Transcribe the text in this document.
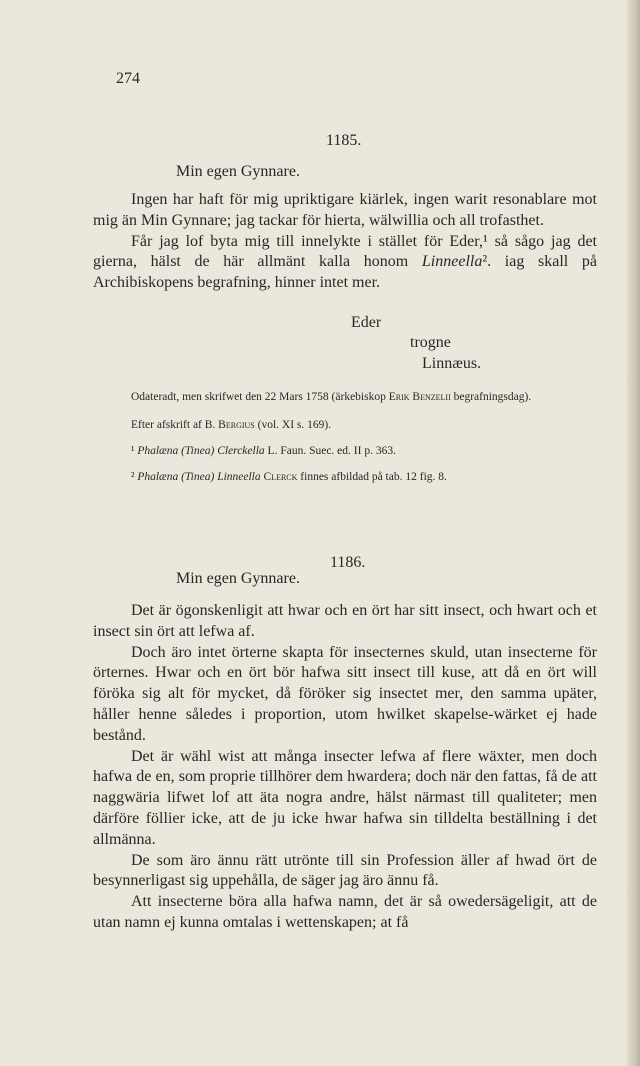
274
1185.
Min egen Gynnare.

Ingen har haft för mig upriktigare kiärlek, ingen warit resonablare mot mig än Min Gynnare; jag tackar för hierta, wälwillia och all trofasthet.

Får jag lof byta mig till innelykte i stället för Eder,¹ så sågo jag det gierna, hälst de här allmänt kalla honom Linneella². iag skall på Archibiskopens begrafning, hinner intet mer.

Eder
trogne
Linnæus.

Odateradt, men skrifwet den 22 Mars 1758 (ärkebiskop Erik Benzelii begrafningsdag).

Efter afskrift af B. Bergius (vol. XI s. 169).

¹ Phalæna (Tinea) Clerckella L. Faun. Suec. ed. II p. 363.

² Phalæna (Tinea) Linneella Clerck finnes afbildad på tab. 12 fig. 8.

1186.
Min egen Gynnare.

Det är ögonskenligit att hwar och en ört har sitt insect, och hwart och et insect sin ört att lefwa af.

Doch äro intet örterne skapta för insecternes skuld, utan insecterne för örternes. Hwar och en ört bör hafwa sitt insect till kuse, att då en ört will föröka sig alt för mycket, då föröker sig insectet mer, den samma upäter, håller henne således i proportion, utom hwilket skapelse-wärket ej hade bestånd.

Det är wähl wist att många insecter lefwa af flere wäxter, men doch hafwa de en, som proprie tillhörer dem hwardera; doch när den fattas, få de att naggwäria lifwet lof att äta nogra andre, hälst närmast till qualiteter; men därföre föllier icke, att de ju icke hwar hafwa sin tilldelta beställning i det allmänna.

De som äro ännu rätt utrönte till sin Profession äller af hwad ört de besynnerligast sig uppehålla, de säger jag äro ännu få.

Att insecterne böra alla hafwa namn, det är så owedersägeligit, att de utan namn ej kunna omtalas i wettenskapen; at få
